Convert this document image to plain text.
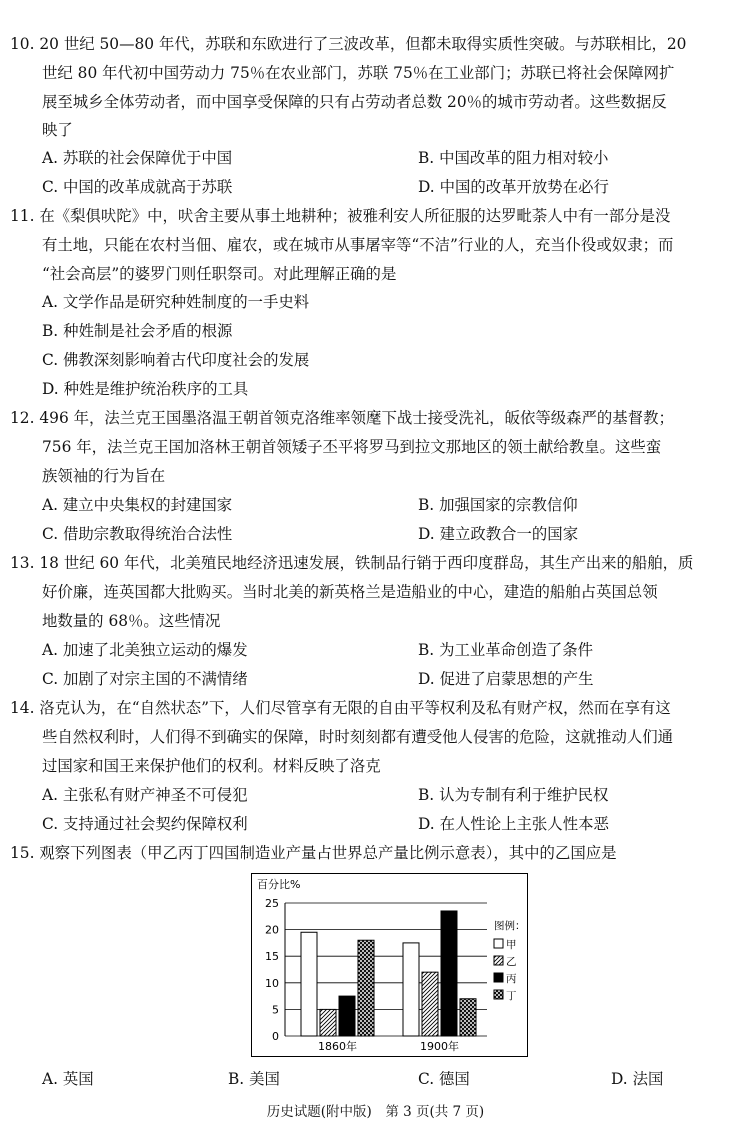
10. 20 世纪 50—80 年代，苏联和东欧进行了三波改革，但都未取得实质性突破。与苏联相比，20
世纪 80 年代初中国劳动力 75％在农业部门，苏联 75％在工业部门；苏联已将社会保障网扩
展至城乡全体劳动者，而中国享受保障的只有占劳动者总数 20％的城市劳动者。这些数据反
映了
A. 苏联的社会保障优于中国	B. 中国改革的阻力相对较小
C. 中国的改革成就高于苏联	D. 中国的改革开放势在必行
11. 在《梨俱吠陀》中，吠舍主要从事土地耕种；被雅利安人所征服的达罗毗荼人中有一部分是没
有土地，只能在农村当佃、雇农，或在城市从事屠宰等“不洁”行业的人，充当仆役或奴隶；而
“社会高层”的婆罗门则任职祭司。对此理解正确的是
A. 文学作品是研究种姓制度的一手史料
B. 种姓制是社会矛盾的根源
C. 佛教深刻影响着古代印度社会的发展
D. 种姓是维护统治秩序的工具
12. 496 年，法兰克王国墨洛温王朝首领克洛维率领麾下战士接受洗礼，皈依等级森严的基督教；
756 年，法兰克王国加洛林王朝首领矮子丕平将罗马到拉文那地区的领土献给教皇。这些蛮
族领袖的行为旨在
A. 建立中央集权的封建国家	B. 加强国家的宗教信仰
C. 借助宗教取得统治合法性	D. 建立政教合一的国家
13. 18 世纪 60 年代，北美殖民地经济迅速发展，铁制品行销于西印度群岛，其生产出来的船舶，质
好价廉，连英国都大批购买。当时北美的新英格兰是造船业的中心，建造的船舶占英国总领
地数量的 68％。这些情况
A. 加速了北美独立运动的爆发	B. 为工业革命创造了条件
C. 加剧了对宗主国的不满情绪	D. 促进了启蒙思想的产生
14. 洛克认为，在“自然状态”下，人们尽管享有无限的自由平等权利及私有财产权，然而在享有这
些自然权利时，人们得不到确实的保障，时时刻刻都有遭受他人侵害的危险，这就推动人们通
过国家和国王来保护他们的权利。材料反映了洛克
A. 主张私有财产神圣不可侵犯	B. 认为专制有利于维护民权
C. 支持通过社会契约保障权利	D. 在人性论上主张人性本恶
15. 观察下列图表（甲乙丙丁四国制造业产量占世界总产量比例示意表），其中的乙国应是
0
5
10
15
20
25
1860年	1900年
百分比%
图例：
甲
乙
丙
丁
A. 英国	B. 美国	C. 德国	D. 法国
历史试题(附中版)　第 3 页(共 7 页)
